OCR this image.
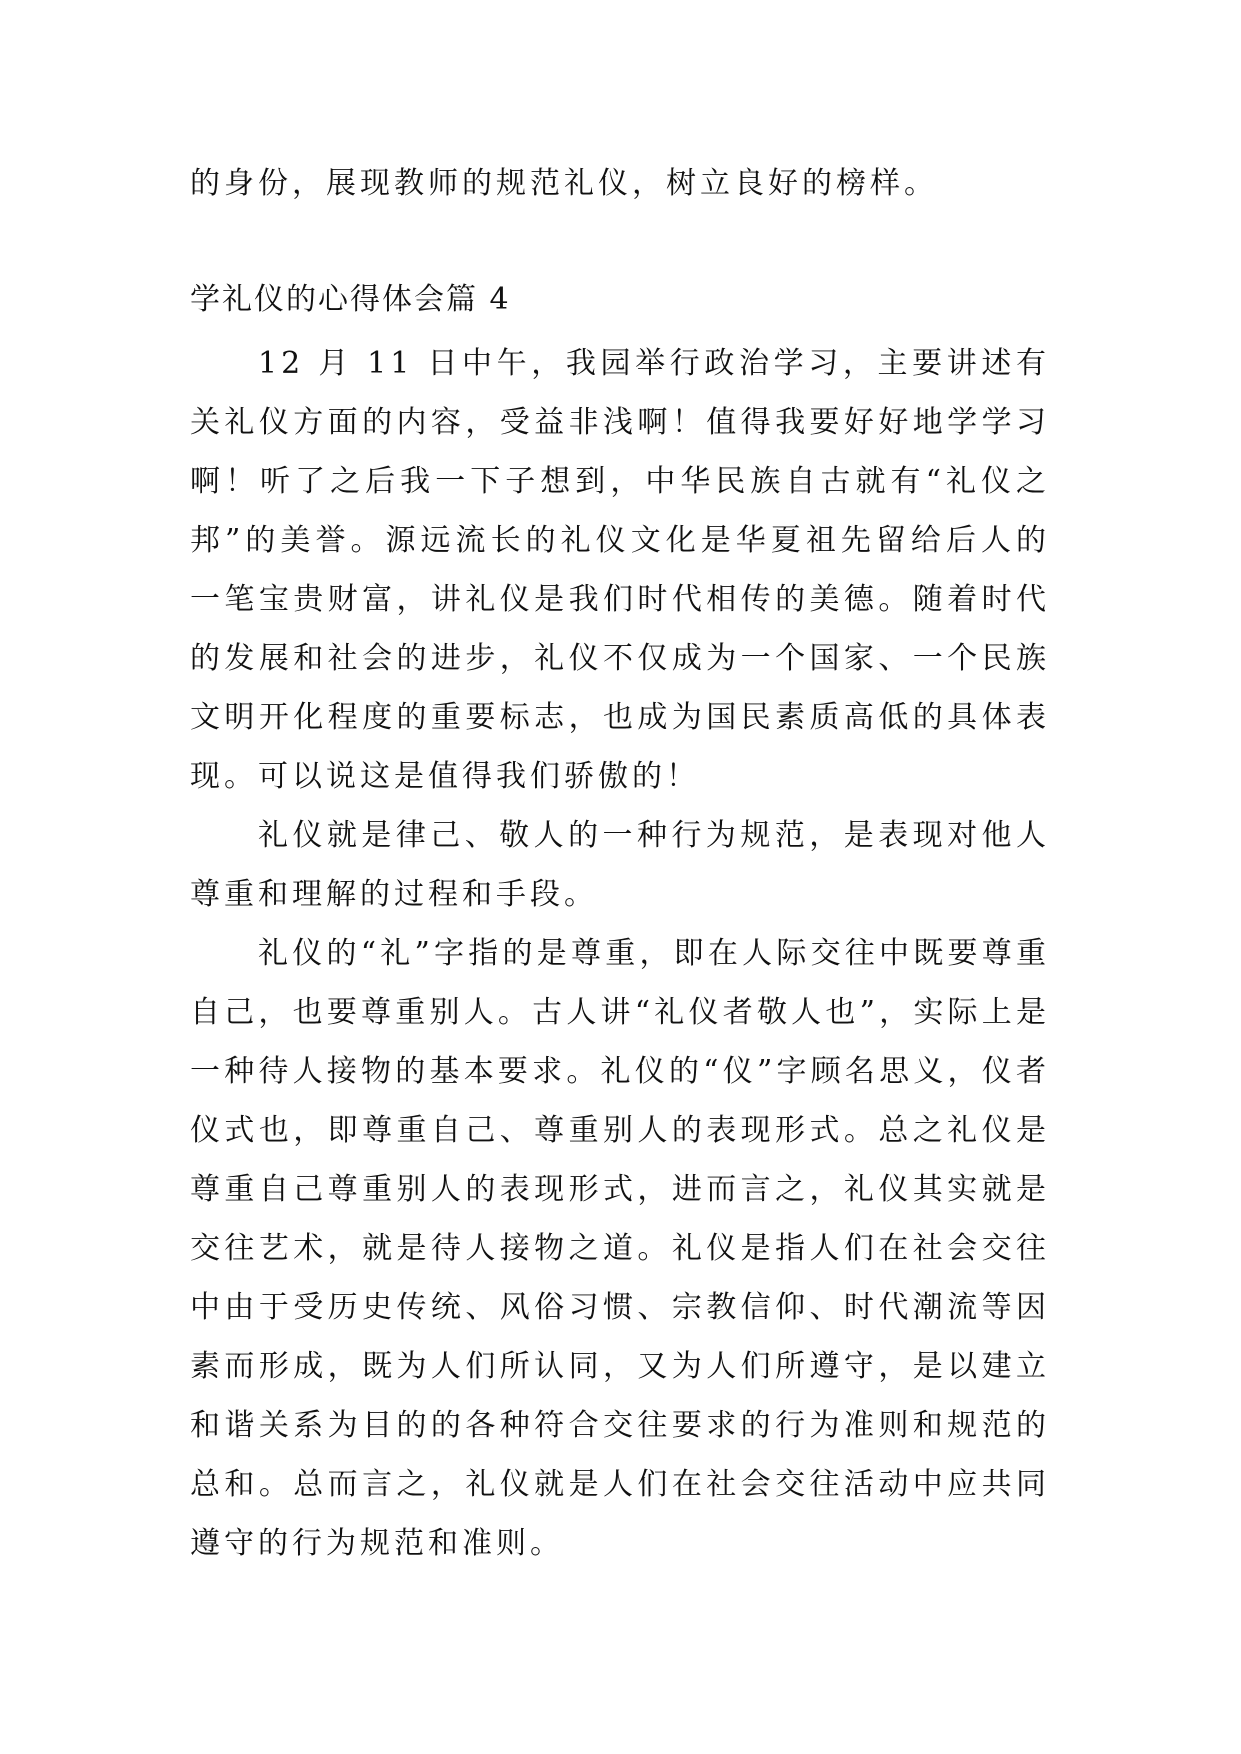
的身份，展现教师的规范礼仪，树立良好的榜样。
学礼仪的心得体会篇 4

12 月 11 日中午，我园举行政治学习，主要讲述有关礼仪方面的内容，受益非浅啊！值得我要好好地学学习啊！听了之后我一下子想到，中华民族自古就有“礼仪之邦”的美誉。源远流长的礼仪文化是华夏祖先留给后人的一笔宝贵财富，讲礼仪是我们时代相传的美德。随着时代的发展和社会的进步，礼仪不仅成为一个国家、一个民族文明开化程度的重要标志，也成为国民素质高低的具体表现。可以说这是值得我们骄傲的！

礼仪就是律己、敬人的一种行为规范，是表现对他人尊重和理解的过程和手段。

礼仪的“礼”字指的是尊重，即在人际交往中既要尊重自己，也要尊重别人。古人讲“礼仪者敬人也”，实际上是一种待人接物的基本要求。礼仪的“仪”字顾名思义，仪者仪式也，即尊重自己、尊重别人的表现形式。总之礼仪是尊重自己尊重别人的表现形式，进而言之，礼仪其实就是交往艺术，就是待人接物之道。礼仪是指人们在社会交往中由于受历史传统、风俗习惯、宗教信仰、时代潮流等因素而形成，既为人们所认同，又为人们所遵守，是以建立和谐关系为目的的各种符合交往要求的行为准则和规范的总和。总而言之，礼仪就是人们在社会交往活动中应共同遵守的行为规范和准则。
